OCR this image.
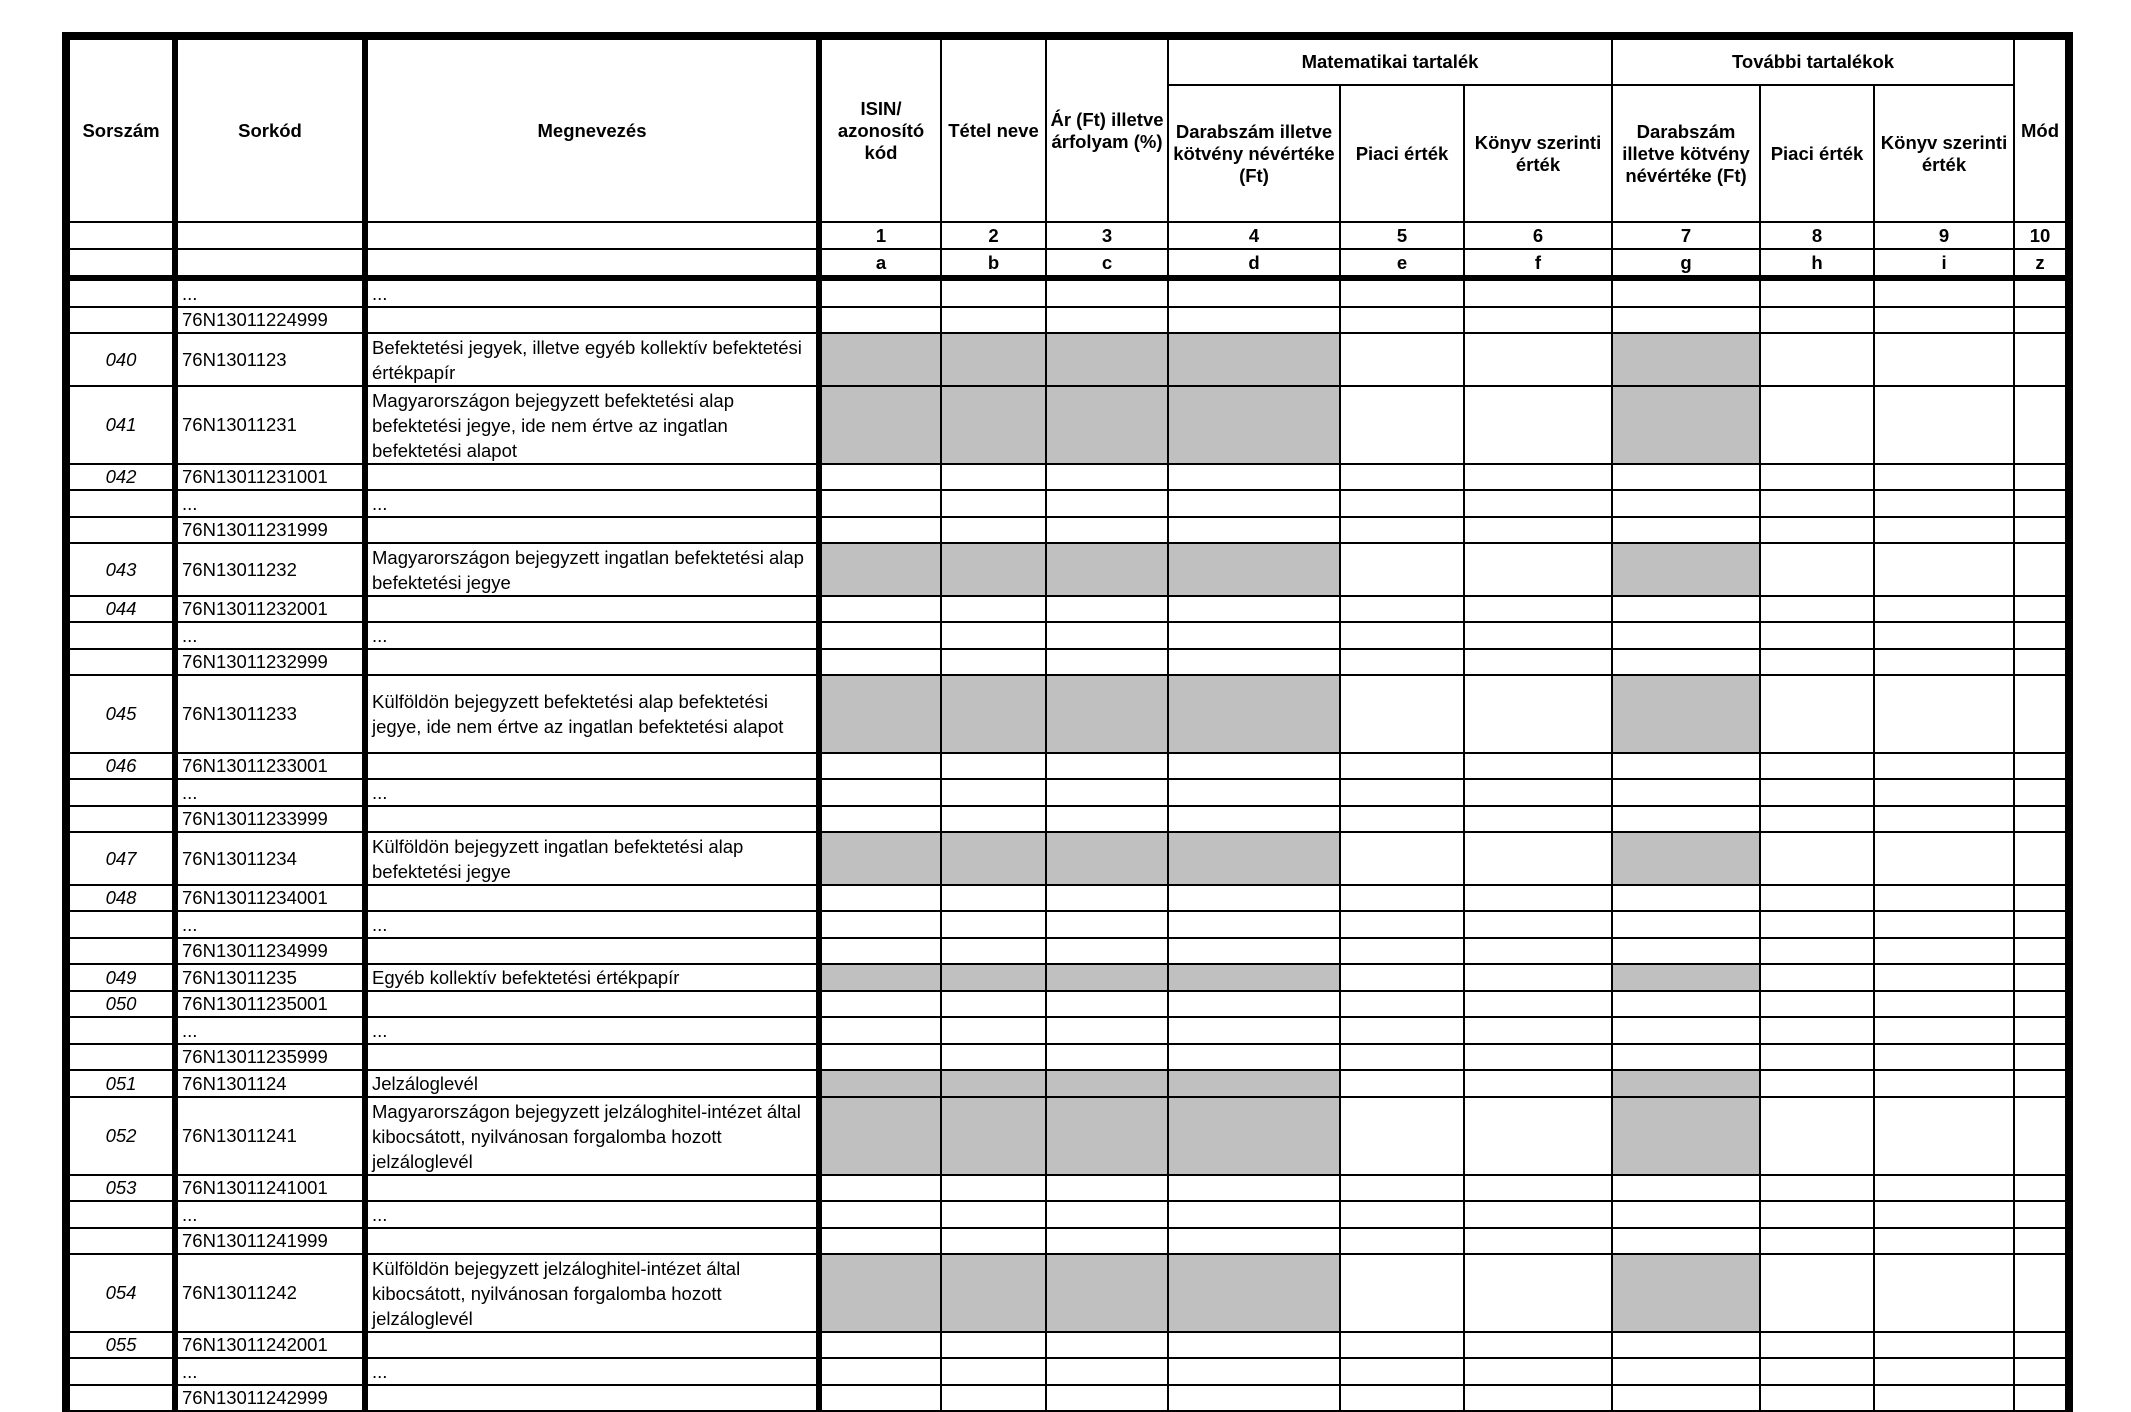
Sorszám	Sorkód	Megnevezés	ISIN/ azonosító kód	Tétel neve	Ár (Ft) illetve árfolyam (%)	Matematikai tartalék			További tartalékok			Mód
						Darabszám illetve kötvény névértéke (Ft)	Piaci érték	Könyv szerinti érték	Darabszám illetve kötvény névértéke (Ft)	Piaci érték	Könyv szerinti érték	
			1	2	3	4	5	6	7	8	9	10
			a	b	c	d	e	f	g	h	i	z
	...	...										
	76N13011224999											
040	76N1301123	Befektetési jegyek, illetve egyéb kollektív befektetési értékpapír										
041	76N13011231	Magyarországon bejegyzett befektetési alap befektetési jegye, ide nem értve az ingatlan befektetési alapot										
042	76N13011231001											
	...	...										
	76N13011231999											
043	76N13011232	Magyarországon bejegyzett ingatlan befektetési alap befektetési jegye										
044	76N13011232001											
	...	...										
	76N13011232999											
045	76N13011233	Külföldön bejegyzett befektetési alap befektetési jegye, ide nem értve az ingatlan befektetési alapot										
046	76N13011233001											
	...	...										
	76N13011233999											
047	76N13011234	Külföldön bejegyzett ingatlan befektetési alap befektetési jegye										
048	76N13011234001											
	...	...										
	76N13011234999											
049	76N13011235	Egyéb kollektív befektetési értékpapír										
050	76N13011235001											
	...	...										
	76N13011235999											
051	76N1301124	Jelzáloglevél										
052	76N13011241	Magyarországon bejegyzett jelzáloghitel-intézet által kibocsátott, nyilvánosan forgalomba hozott jelzáloglevél										
053	76N13011241001											
	...	...										
	76N13011241999											
054	76N13011242	Külföldön bejegyzett jelzáloghitel-intézet által kibocsátott, nyilvánosan forgalomba hozott jelzáloglevél										
055	76N13011242001											
	...	...										
	76N13011242999											
